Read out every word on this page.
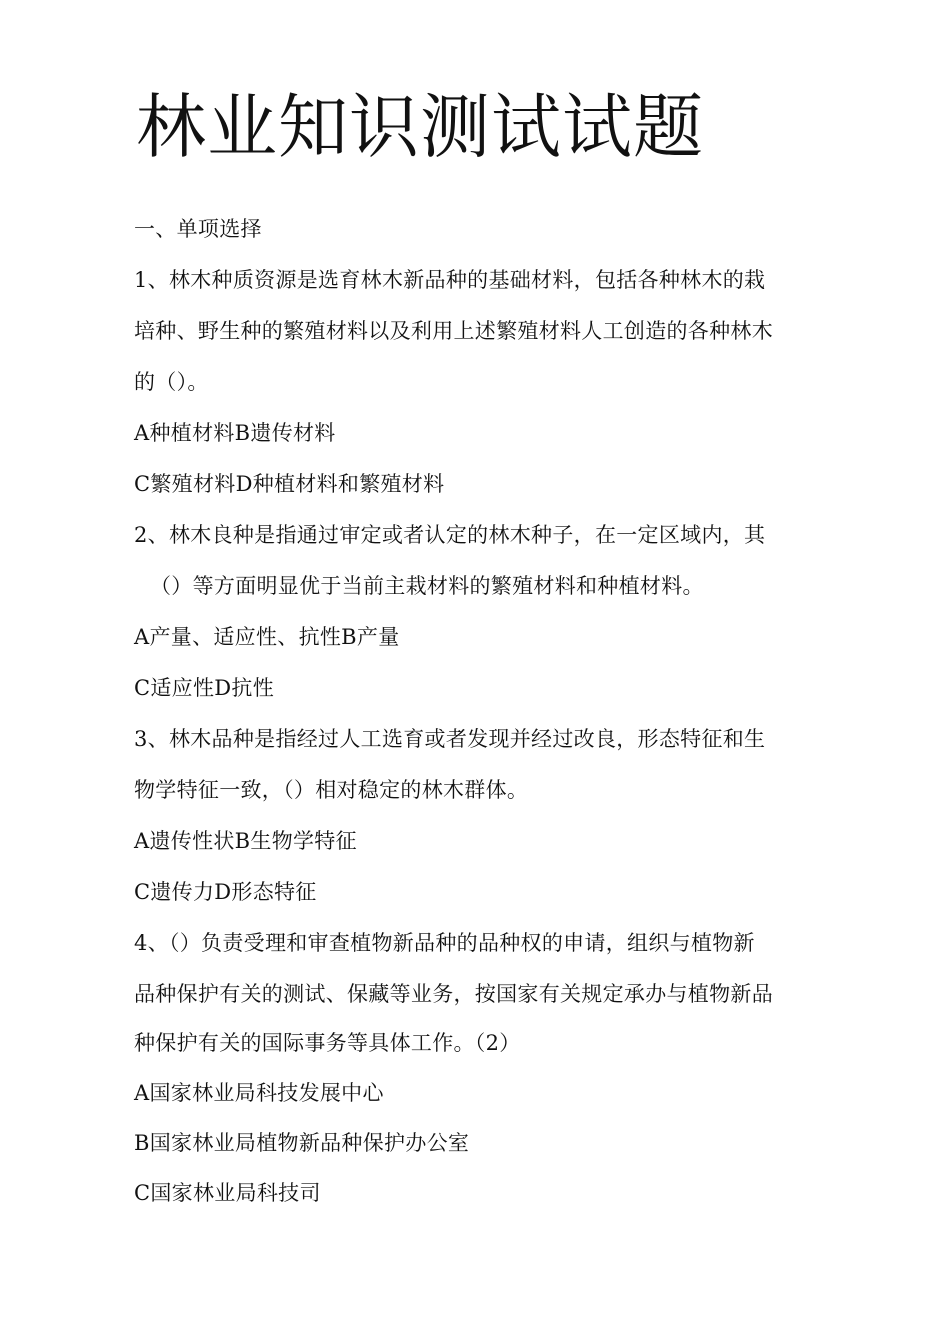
林业知识测试试题
一、单项选择
1、林木种质资源是选育林木新品种的基础材料，包括各种林木的栽
培种、野生种的繁殖材料以及利用上述繁殖材料人工创造的各种林木
的（）。
A种植材料B遗传材料
C繁殖材料D种植材料和繁殖材料
2、林木良种是指通过审定或者认定的林木种子，在一定区域内，其
（）等方面明显优于当前主栽材料的繁殖材料和种植材料。
A产量、适应性、抗性B产量
C适应性D抗性
3、林木品种是指经过人工选育或者发现并经过改良，形态特征和生
物学特征一致，（）相对稳定的林木群体。
A遗传性状B生物学特征
C遗传力D形态特征
4、（）负责受理和审查植物新品种的品种权的申请，组织与植物新
品种保护有关的测试、保藏等业务，按国家有关规定承办与植物新品
种保护有关的国际事务等具体工作。（2）
A国家林业局科技发展中心
B国家林业局植物新品种保护办公室
C国家林业局科技司
